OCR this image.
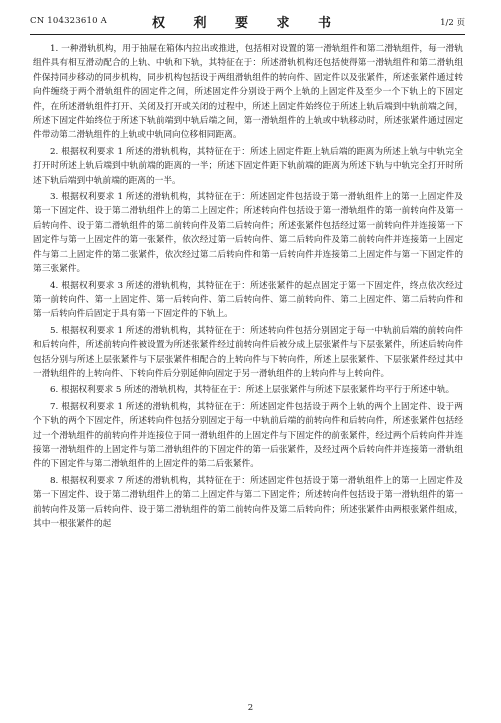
CN 104323610 A	权 利 要 求 书	1/2 页

1. 一种滑轨机构，用于抽屉在箱体内拉出或推进，包括相对设置的第一滑轨组件和第二滑轨组件，每一滑轨组件具有相互滑动配合的上轨、中轨和下轨，其特征在于：所述滑轨机构还包括使得第一滑轨组件和第二滑轨组件保持同步移动的同步机构，同步机构包括设于两组滑轨组件的转向件、固定件以及张紧件，所述张紧件通过转向件缠绕于两个滑轨组件的固定件之间，所述固定件分别设于两个上轨的上固定件及至少一个下轨上的下固定件，在所述滑轨组件打开、关闭及打开或关闭的过程中，所述上固定件始终位于所述上轨后端到中轨前端之间，所述下固定件始终位于所述下轨前端到中轨后端之间，第一滑轨组件的上轨或中轨移动时，所述张紧件通过固定件带动第二滑轨组件的上轨或中轨同向位移相同距离。

2. 根据权利要求 1 所述的滑轨机构，其特征在于：所述上固定件距上轨后端的距离为所述上轨与中轨完全打开时所述上轨后端到中轨前端的距离的一半；所述下固定件距下轨前端的距离为所述下轨与中轨完全打开时所述下轨后端到中轨前端的距离的一半。

3. 根据权利要求 1 所述的滑轨机构，其特征在于：所述固定件包括设于第一滑轨组件上的第一上固定件及第一下固定件、设于第二滑轨组件上的第二上固定件；所述转向件包括设于第一滑轨组件的第一前转向件及第一后转向件、设于第二滑轨组件的第二前转向件及第二后转向件；所述张紧件包括经过第一前转向件并连接第一下固定件与第一上固定件的第一张紧件，依次经过第一后转向件、第二后转向件及第二前转向件并连接第一上固定件与第二上固定件的第二张紧件，依次经过第二后转向件和第一后转向件并连接第二上固定件与第一下固定件的第三张紧件。

4. 根据权利要求 3 所述的滑轨机构，其特征在于：所述张紧件的起点固定于第一下固定件，终点依次经过第一前转向件、第一上固定件、第一后转向件、第二后转向件、第二前转向件、第二上固定件、第二后转向件和第一后转向件后固定于具有第一下固定件的下轨上。

5. 根据权利要求 1 所述的滑轨机构，其特征在于：所述转向件包括分别固定于每一中轨前后端的前转向件和后转向件，所述前转向件被设置为所述张紧件经过前转向件后被分成上层张紧件与下层张紧件，所述后转向件包括分别与所述上层张紧件与下层张紧件相配合的上转向件与下转向件，所述上层张紧件、下层张紧件经过其中一滑轨组件的上转向件、下转向件后分别延伸向固定于另一滑轨组件的上转向件与上转向件。

6. 根据权利要求 5 所述的滑轨机构，其特征在于：所述上层张紧件与所述下层张紧件均平行于所述中轨。

7. 根据权利要求 1 所述的滑轨机构，其特征在于：所述固定件包括设于两个上轨的两个上固定件、设于两个下轨的两个下固定件，所述转向件包括分别固定于每一中轨前后端的前转向件和后转向件，所述张紧件包括经过一个滑轨组件的前转向件并连接位于同一滑轨组件的上固定件与下固定件的前张紧件，经过两个后转向件并连接第一滑轨组件的上固定件与第二滑轨组件的下固定件的第一后张紧件，及经过两个后转向件并连接第一滑轨组件的下固定件与第二滑轨组件的上固定件的第二后张紧件。

8. 根据权利要求 7 所述的滑轨机构，其特征在于：所述固定件包括设于第一滑轨组件上的第一上固定件及第一下固定件、设于第二滑轨组件上的第二上固定件与第二下固定件；所述转向件包括设于第一滑轨组件的第一前转向件及第一后转向件、设于第二滑轨组件的第二前转向件及第二后转向件；所述张紧件由两根张紧件组成，其中一根张紧件的起

2
